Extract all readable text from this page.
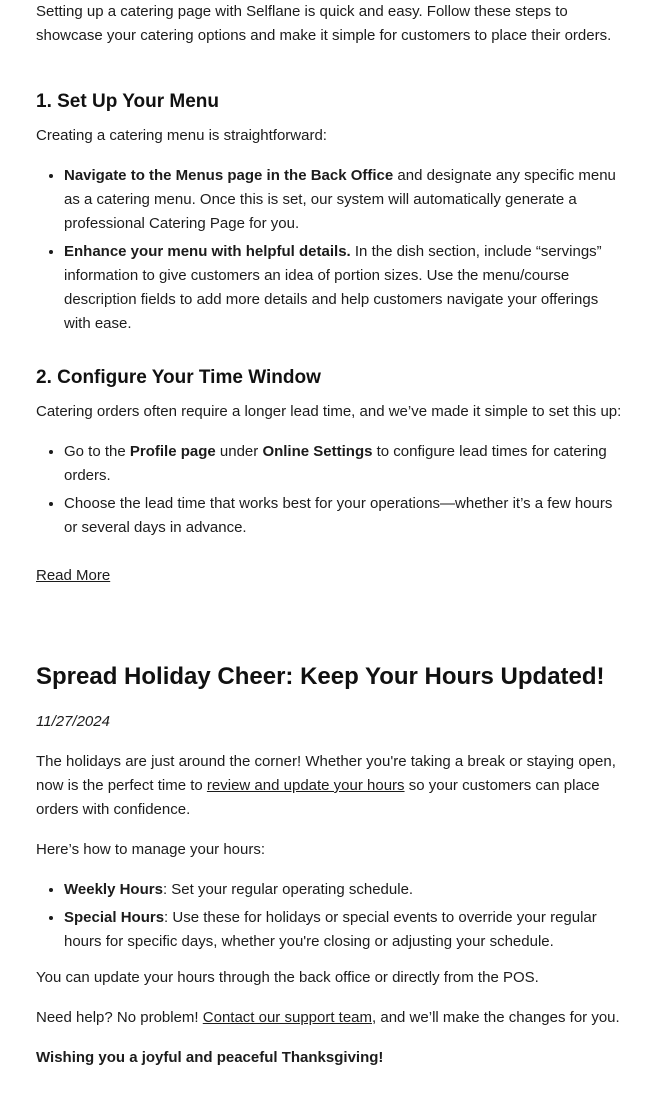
Setting up a catering page with Selflane is quick and easy. Follow these steps to showcase your catering options and make it simple for customers to place their orders.

1. Set Up Your Menu

Creating a catering menu is straightforward:

• Navigate to the Menus page in the Back Office and designate any specific menu as a catering menu. Once this is set, our system will automatically generate a professional Catering Page for you.
• Enhance your menu with helpful details. In the dish section, include “servings” information to give customers an idea of portion sizes. Use the menu/course description fields to add more details and help customers navigate your offerings with ease.
2. Configure Your Time Window

Catering orders often require a longer lead time, and we’ve made it simple to set this up:

• Go to the Profile page under Online Settings to configure lead times for catering orders.
• Choose the lead time that works best for your operations—whether it’s a few hours or several days in advance.
Read More
Spread Holiday Cheer: Keep Your Hours Updated!

11/27/2024

The holidays are just around the corner! Whether you're taking a break or staying open, now is the perfect time to review and update your hours so your customers can place orders with confidence.

Here’s how to manage your hours:

• Weekly Hours: Set your regular operating schedule.
• Special Hours: Use these for holidays or special events to override your regular hours for specific days, whether you're closing or adjusting your schedule.

You can update your hours through the back office or directly from the POS.

Need help? No problem! Contact our support team, and we’ll make the changes for you.

Wishing you a joyful and peaceful Thanksgiving!
